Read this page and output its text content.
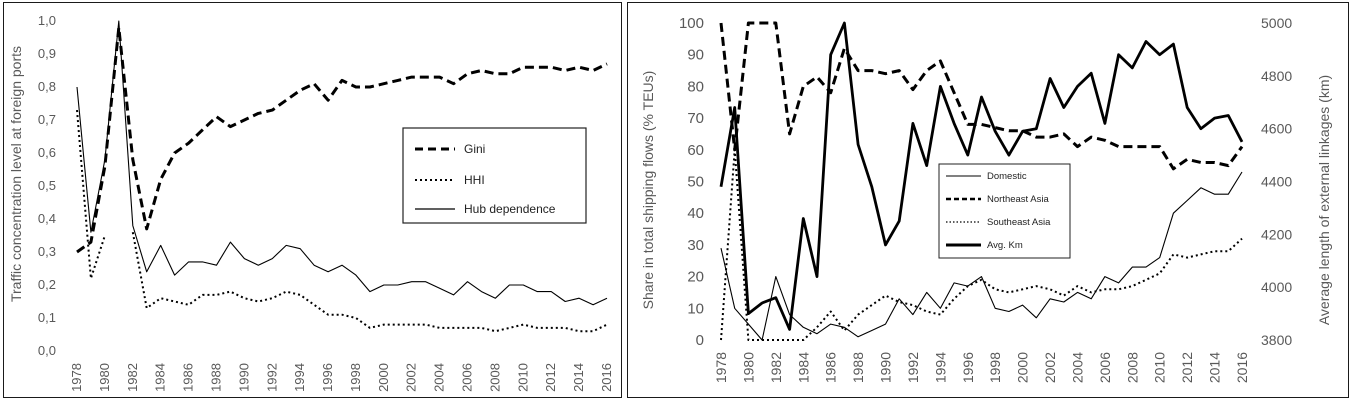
0,0
0,1
0,2
0,3
0,4
0,5
0,6
0,7
0,8
0,9
1,0
1978 1980 1982 1984 1986 1988 1990 1992 1994 1996 1998 2000 2002 2004 2006 2008 2010 2012 2014 2016
Traffic concentration level at foreign ports	Gini
HHI
Hub dependence
0
10
20
30
40
50
60
70
80
90
100
3800
4000
4200
4400
4600
4800
5000
1978 1980 1982 1984 1986 1988 1990 1992 1994 1996 1998 2000 2002 2004 2006 2008 2010 2012 2014 2016
Share in total shipping flows (% TEUs)	Average length of external linkages (km)
Domestic
Northeast Asia
Southeast Asia
Avg. Km
